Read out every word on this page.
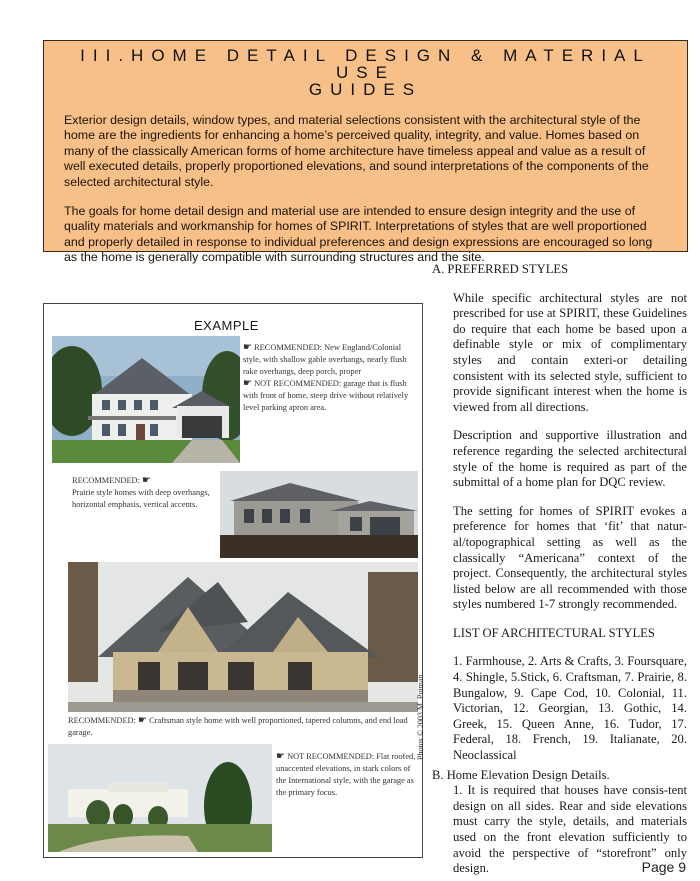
III.HOME DETAIL DESIGN & MATERIAL USE
GUIDES

Exterior design details, window types, and material selections consistent with the architectural style of the home are the ingredients for enhancing a home’s perceived quality, integrity, and value. Homes based on many of the classically American forms of home architecture have timeless appeal and value as a result of well executed details, properly proportioned elevations, and sound interpretations of the components of the selected architectural style.

The goals for home detail design and material use are intended to ensure design integrity and the use of quality materials and workmanship for homes of SPIRIT. Interpretations of styles that are well proportioned and properly detailed in response to individual preferences and design expressions are encouraged so long as the home is generally compatible with surrounding structures and the site.

EXAMPLE
☛ RECOMMENDED: New England/Colonial style, with shallow gable overhangs, nearly flush rake overhangs, deep porch, proper
☛ NOT RECOMMENDED: garage that is flush with front of home, steep drive without relatively level parking apron area.
RECOMMENDED: ☛
Prairie style homes with deep overhangs, horizontal emphasis, vertical accents.
RECOMMENDED: ☛ Craftsman style home with well proportioned, tapered columns, and end load garage.
☛ NOT RECOMMENDED: Flat roofed, unaccented elevations, in stark colors of the International style, with the garage as the primary focus.
Photos © 2003 M. Putman

A. PREFERRED STYLES

While specific architectural styles are not prescribed for use at SPIRIT, these Guidelines do require that each home be based upon a definable style or mix of complimentary styles and contain exteri-or detailing consistent with its selected style, sufficient to provide significant interest when the home is viewed from all directions.

Description and supportive illustration and reference regarding the selected architectural style of the home is required as part of the submittal of a home plan for DQC review.

The setting for homes of SPIRIT evokes a preference for homes that ‘fit’ that natur-al/topographical setting as well as the classically “Americana” context of the project. Consequently, the architectural styles listed below are all recommended with those styles numbered 1-7 strongly recommended.

LIST OF ARCHITECTURAL STYLES

1. Farmhouse, 2. Arts & Crafts, 3. Foursquare, 4. Shingle, 5.Stick, 6. Craftsman, 7. Prairie, 8. Bungalow, 9. Cape Cod, 10. Colonial, 11. Victorian, 12. Georgian, 13. Gothic, 14. Greek, 15. Queen Anne, 16. Tudor, 17. Federal, 18. French, 19. Italianate, 20. Neoclassical

B. Home Elevation Design Details.

1. It is required that houses have consis-tent design on all sides. Rear and side elevations must carry the style, details, and materials used on the front elevation sufficiently to avoid the perspective of “storefront” only design.	Page 9
